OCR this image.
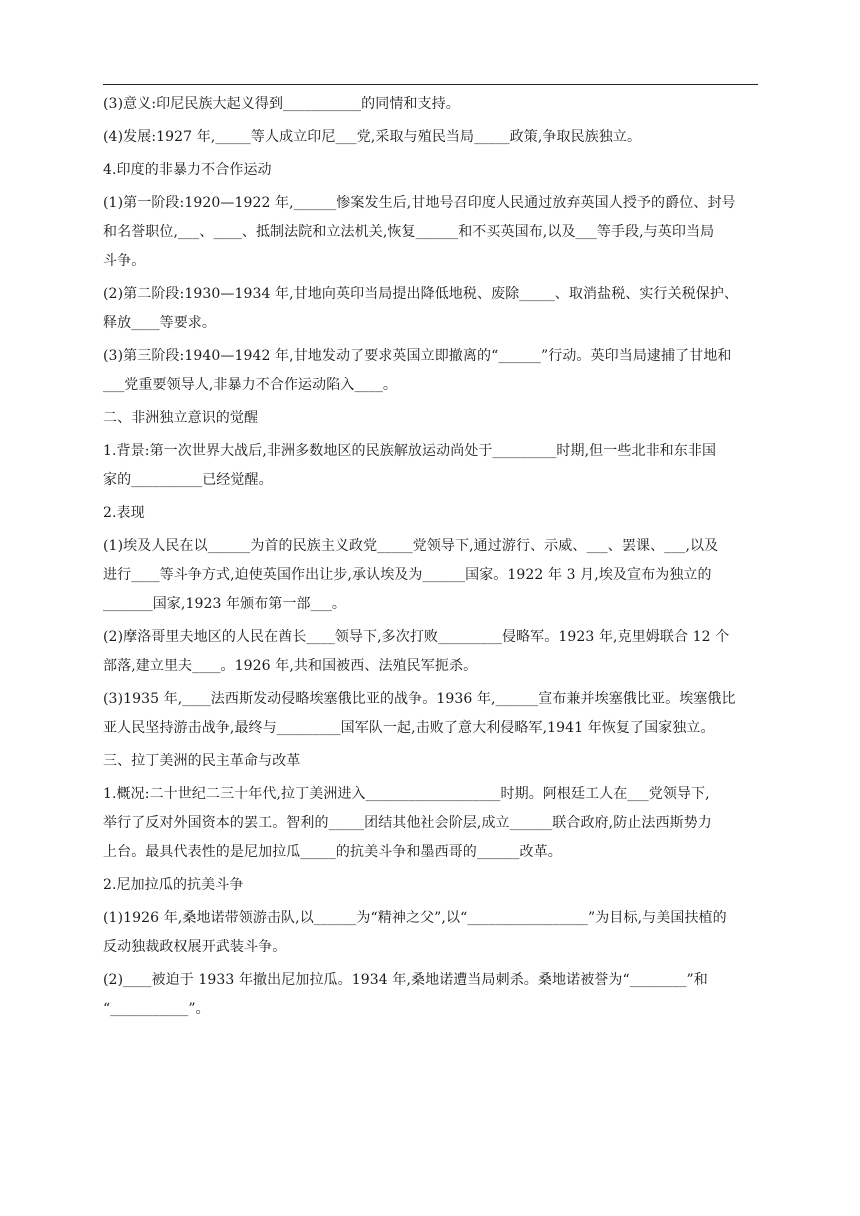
(3)意义:印尼民族大起义得到___________的同情和支持。

(4)发展:1927 年,_____等人成立印尼___党,采取与殖民当局_____政策,争取民族独立。

4.印度的非暴力不合作运动

(1)第一阶段:1920—1922 年,______惨案发生后,甘地号召印度人民通过放弃英国人授予的爵位、封号

和名誉职位,___、____、抵制法院和立法机关,恢复______和不买英国布,以及___等手段,与英印当局

斗争。

(2)第二阶段:1930—1934 年,甘地向英印当局提出降低地税、废除_____、取消盐税、实行关税保护、

释放____等要求。

(3)第三阶段:1940—1942 年,甘地发动了要求英国立即撤离的“______”行动。英印当局逮捕了甘地和

___党重要领导人,非暴力不合作运动陷入____。

二、非洲独立意识的觉醒

1.背景:第一次世界大战后,非洲多数地区的民族解放运动尚处于_________时期,但一些北非和东非国

家的__________已经觉醒。

2.表现

(1)埃及人民在以______为首的民族主义政党_____党领导下,通过游行、示威、___、罢课、___,以及

进行____等斗争方式,迫使英国作出让步,承认埃及为______国家。1922 年 3 月,埃及宣布为独立的

_______国家,1923 年颁布第一部___。

(2)摩洛哥里夫地区的人民在酋长____领导下,多次打败_________侵略军。1923 年,克里姆联合 12 个

部落,建立里夫____。1926 年,共和国被西、法殖民军扼杀。

(3)1935 年,____法西斯发动侵略埃塞俄比亚的战争。1936 年,______宣布兼并埃塞俄比亚。埃塞俄比

亚人民坚持游击战争,最终与_________国军队一起,击败了意大利侵略军,1941 年恢复了国家独立。

三、拉丁美洲的民主革命与改革

1.概况:二十世纪二三十年代,拉丁美洲进入___________________时期。阿根廷工人在___党领导下,

举行了反对外国资本的罢工。智利的_____团结其他社会阶层,成立______联合政府,防止法西斯势力

上台。最具代表性的是尼加拉瓜_____的抗美斗争和墨西哥的______改革。

2.尼加拉瓜的抗美斗争

(1)1926 年,桑地诺带领游击队,以______为“精神之父”,以“_________________”为目标,与美国扶植的

反动独裁政权展开武装斗争。

(2)____被迫于 1933 年撤出尼加拉瓜。1934 年,桑地诺遭当局刺杀。桑地诺被誉为“________”和

“___________”。
